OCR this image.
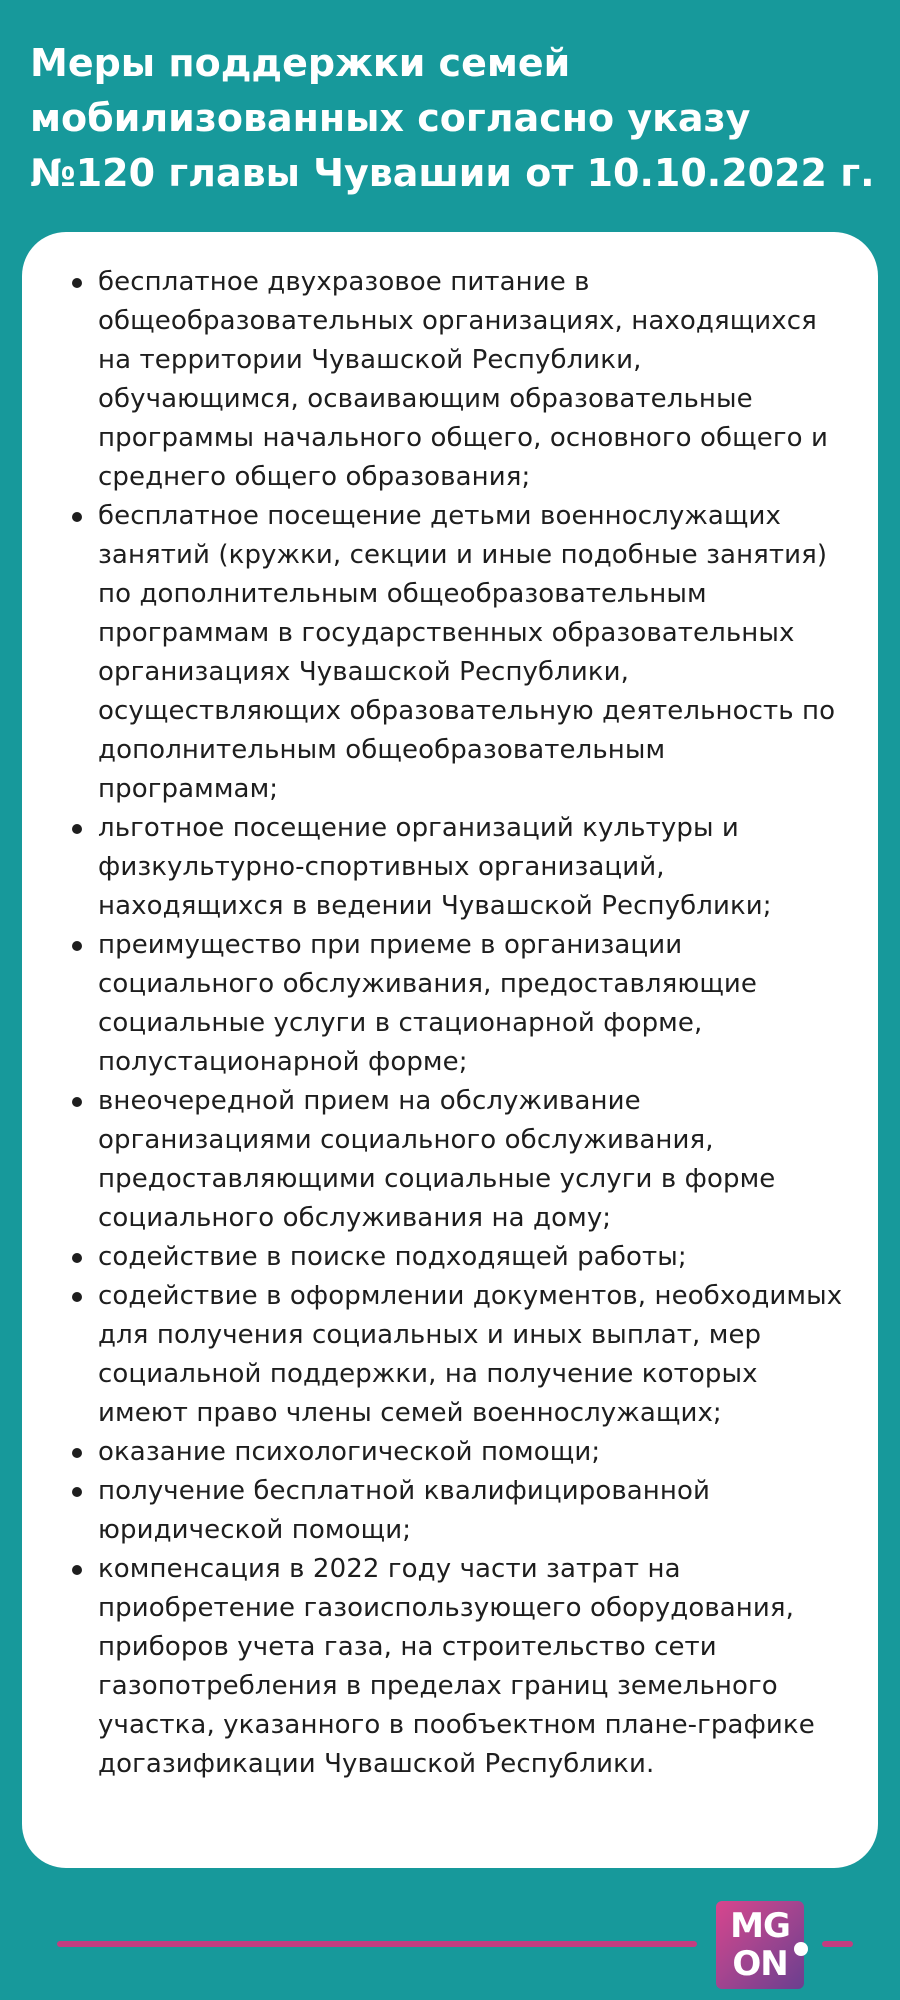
Меры поддержки семей мобилизованных согласно указу №120 главы Чувашии от 10.10.2022 г.
бесплатное двухразовое питание в общеобразовательных организациях, находящихся на территории Чувашской Республики, обучающимся, осваивающим образовательные программы начального общего, основного общего и среднего общего образования;
бесплатное посещение детьми военнослужащих занятий (кружки, секции и иные подобные занятия) по дополнительным общеобразовательным программам в государственных образовательных организациях Чувашской Республики, осуществляющих образовательную деятельность по дополнительным общеобразовательным программам;
льготное посещение организаций культуры и физкультурно-спортивных организаций, находящихся в ведении Чувашской Республики;
преимущество при приеме в организации социального обслуживания, предоставляющие социальные услуги в стационарной форме, полустационарной форме;
внеочередной прием на обслуживание организациями социального обслуживания, предоставляющими социальные услуги в форме социального обслуживания на дому;
содействие в поиске подходящей работы;
содействие в оформлении документов, необходимых для получения социальных и иных выплат, мер социальной поддержки, на получение которых имеют право члены семей военнослужащих;
оказание психологической помощи;
получение бесплатной квалифицированной юридической помощи;
компенсация в 2022 году части затрат на приобретение газоиспользующего оборудования, приборов учета газа, на строительство сети газопотребления в пределах границ земельного участка, указанного в пообъектном плане-графике догазификации Чувашской Республики.
MG
ON
